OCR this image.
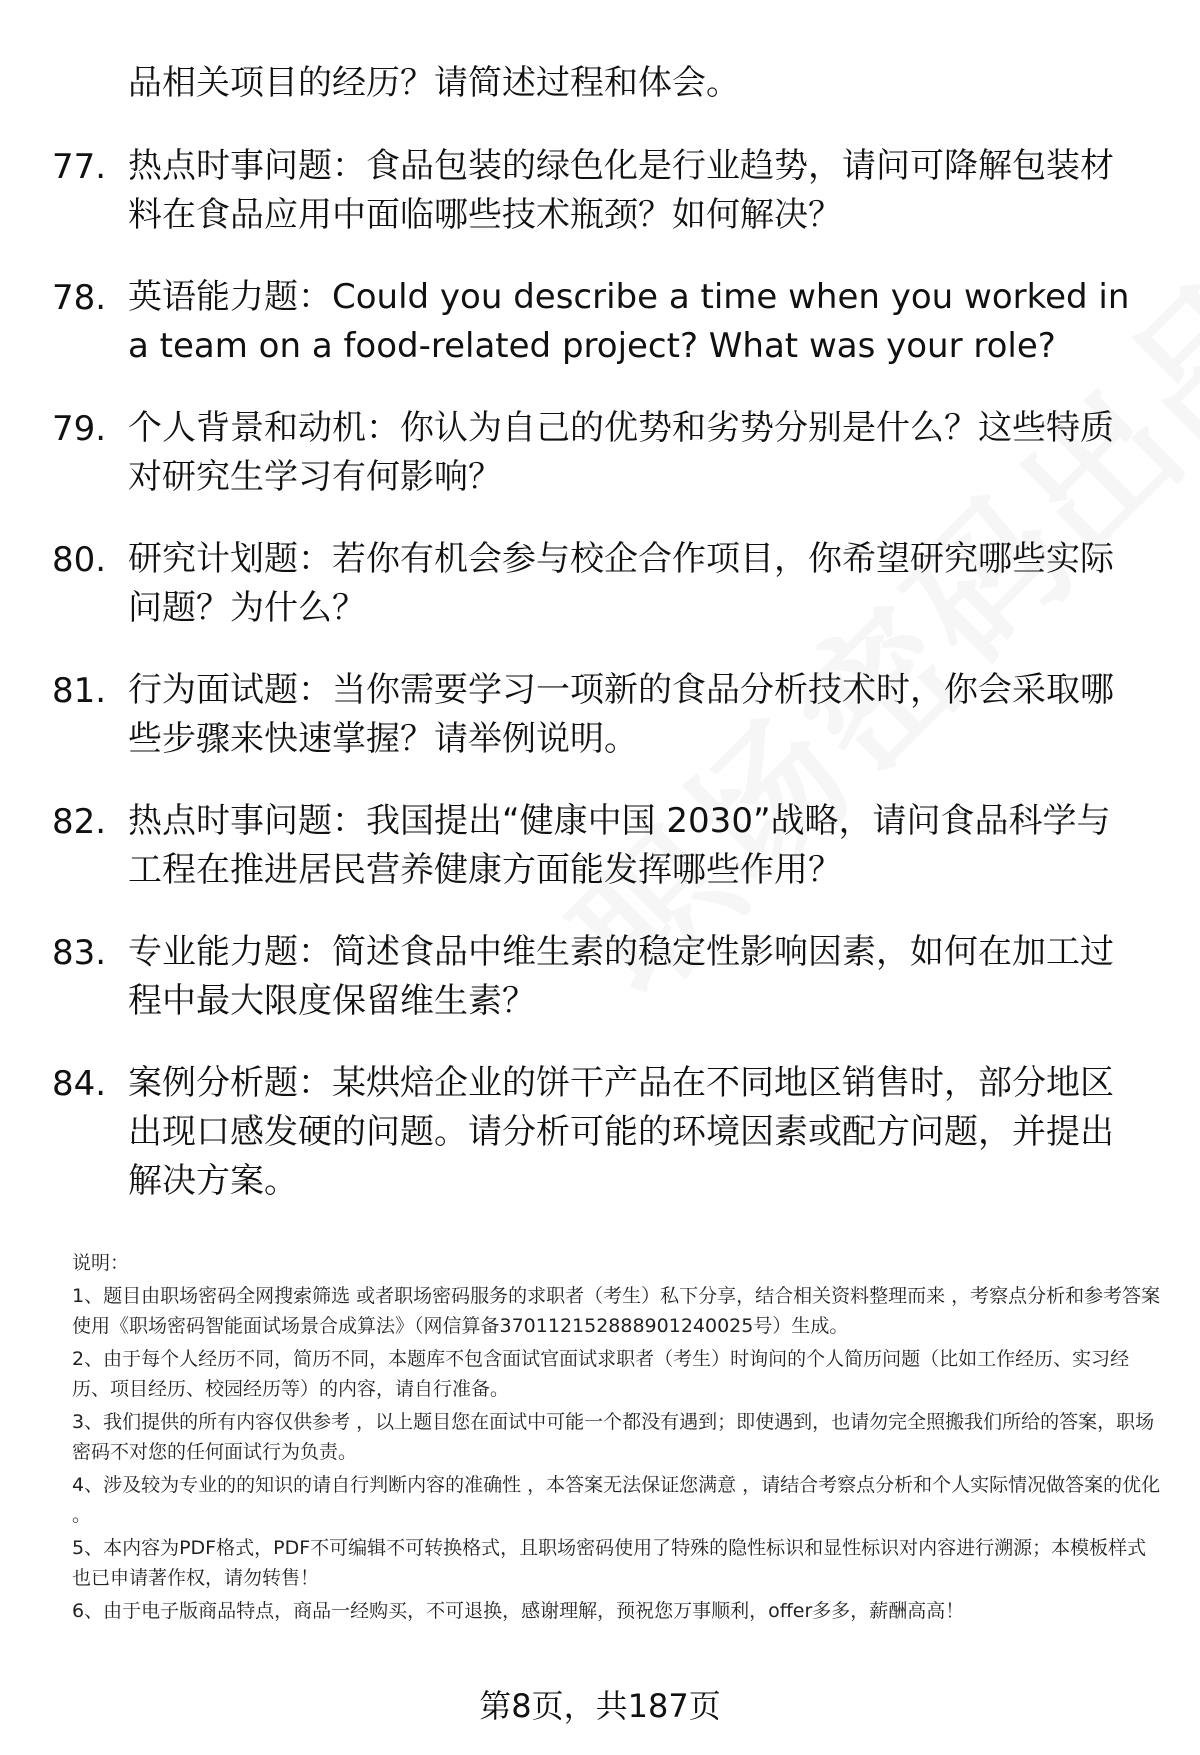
品相关项目的经历？请简述过程和体会。
77. 热点时事问题：食品包装的绿色化是行业趋势，请问可降解包装材料在食品应用中面临哪些技术瓶颈？如何解决？
78. 英语能力题：Could you describe a time when you worked in a team on a food-related project? What was your role?
79. 个人背景和动机：你认为自己的优势和劣势分别是什么？这些特质对研究生学习有何影响？
80. 研究计划题：若你有机会参与校企合作项目，你希望研究哪些实际问题？为什么？
81. 行为面试题：当你需要学习一项新的食品分析技术时，你会采取哪些步骤来快速掌握？请举例说明。
82. 热点时事问题：我国提出“健康中国 2030”战略，请问食品科学与工程在推进居民营养健康方面能发挥哪些作用？
83. 专业能力题：简述食品中维生素的稳定性影响因素，如何在加工过程中最大限度保留维生素？
84. 案例分析题：某烘焙企业的饼干产品在不同地区销售时，部分地区出现口感发硬的问题。请分析可能的环境因素或配方问题，并提出解决方案。
说明：
1、题目由职场密码全网搜索筛选 或者职场密码服务的求职者（考生）私下分享，结合相关资料整理而来 ，考察点分析和参考答案使用《职场密码智能面试场景合成算法》（网信算备37011215288890124​0025号）生成。
2、由于每个人经历不同，简历不同，本题库不包含面试官面试求职者（考生）时询问的个人简历问题（比如工作经历、实习经历、项目经历、校园经历等）的内容，请自行准备。
3、我们提供的所有内容仅供参考 ，以上题目您在面试中可能一个都没有遇到；即使遇到，也请勿完全照搬我们所给的答案，职场密码不对您的任何面试行为负责。
4、涉及较为专业的的知识的请自行判断内容的准确性 ，本答案无法保证您满意 ，请结合考察点分析和个人实际情况做答案的优化 。
5、本内容为PDF格式，PDF不可编辑不可转换格式，且职场密码使用了特殊的隐性标识和显性标识对内容进行溯源；本模板样式也已申请著作权，请勿转售！
6、由于电子版商品特点，商品一经购买，不可退换，感谢理解，预祝您万事顺利，offer多多，薪酬高高！
第8页，共187页
